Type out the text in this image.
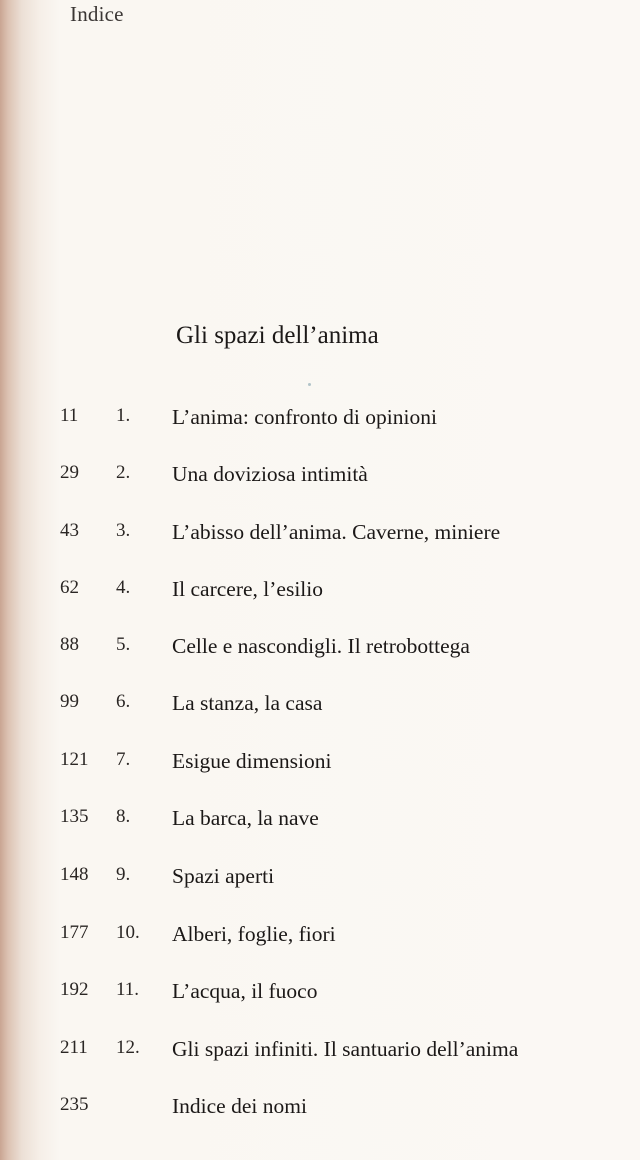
Indice
Gli spazi dell’anima
11 1. L’anima: confronto di opinioni
29 2. Una doviziosa intimità
43 3. L’abisso dell’anima. Caverne, miniere
62 4. Il carcere, l’esilio
88 5. Celle e nascondigli. Il retrobottega
99 6. La stanza, la casa
121 7. Esigue dimensioni
135 8. La barca, la nave
148 9. Spazi aperti
177 10. Alberi, foglie, fiori
192 11. L’acqua, il fuoco
211 12. Gli spazi infiniti. Il santuario dell’anima
235	Indice dei nomi
